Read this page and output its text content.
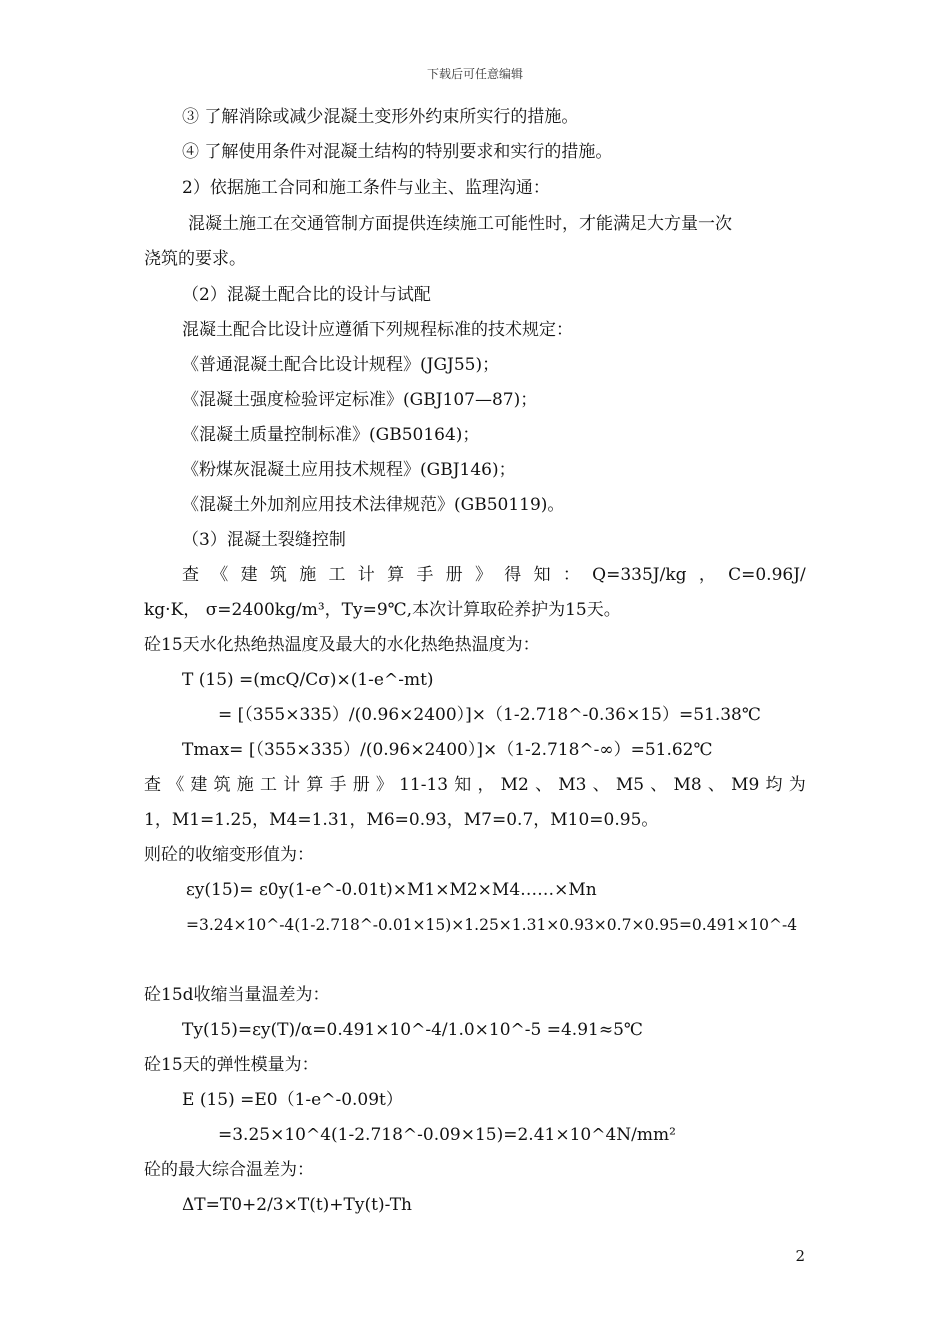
下载后可任意编辑
③ 了解消除或减少混凝土变形外约束所实行的措施。
④ 了解使用条件对混凝土结构的特别要求和实行的措施。
2）依据施工合同和施工条件与业主、监理沟通：
混凝土施工在交通管制方面提供连续施工可能性时，才能满足大方量一次
浇筑的要求。
（2）混凝土配合比的设计与试配
混凝土配合比设计应遵循下列规程标准的技术规定：
《普通混凝土配合比设计规程》(JGJ55)；
《混凝土强度检验评定标准》(GBJ107—87)；
《混凝土质量控制标准》(GB50164)；
《粉煤灰混凝土应用技术规程》(GBJ146)；
《混凝土外加剂应用技术法律规范》(GB50119)。
（3）混凝土裂缝控制
查 《 建 筑 施 工 计 算 手 册 》 得 知 ： Q=335J/kg ， C=0.96J/
kg·K， σ=2400kg/m³，Ty=9℃,本次计算取砼养护为15天。
砼15天水化热绝热温度及最大的水化热绝热温度为：
T (15) =(mcQ/Cσ)×(1-e^-mt)
= [（355×335）/(0.96×2400）]×（1-2.718^-0.36×15）=51.38℃
Tmax= [（355×335）/(0.96×2400）]×（1-2.718^-∞）=51.62℃
查 《 建 筑 施 工 计 算 手 册 》 11-13 知 ， M2 、 M3 、 M5 、 M8 、 M9 均 为
1，M1=1.25，M4=1.31，M6=0.93，M7=0.7，M10=0.95。
则砼的收缩变形值为：
εy(15)= ε0y(1-e^-0.01t)×M1×M2×M4……×Mn
=3.24×10^-4(1-2.718^-0.01×15)×1.25×1.31×0.93×0.7×0.95=0.491×10^-4
砼15d收缩当量温差为：
Ty(15)=εy(T)/α=0.491×10^-4/1.0×10^-5 =4.91≈5℃
砼15天的弹性模量为：
E (15) =E0（1-e^-0.09t）
=3.25×10^4(1-2.718^-0.09×15)=2.41×10^4N/mm²
砼的最大综合温差为：
ΔT=T0+2/3×T(t)+Ty(t)-Th
2
